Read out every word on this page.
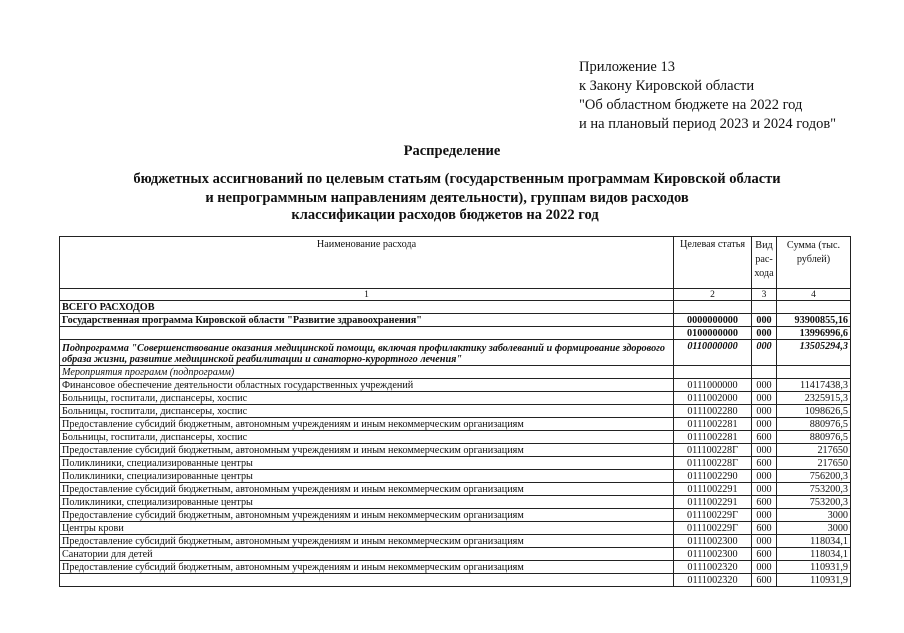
Приложение 13
к Закону Кировской области
"Об областном бюджете на 2022 год
и на плановый период 2023 и 2024 годов"
Распределение
бюджетных ассигнований по целевым статьям (государственным программам Кировской области
и непрограммным направлениям деятельности), группам видов расходов
классификации расходов бюджетов на 2022 год
Наименование расхода	Целевая статья	Вид рас-хода	Сумма (тыс. рублей)
1	2	3	4
ВСЕГО РАСХОДОВ			
Государственная программа Кировской области "Развитие здравоохранения"	0000000000	000	93900855,16
	0100000000	000	13996996,6
Подпрограмма "Совершенствование оказания медицинской помощи, включая профилактику заболеваний и формирование здорового образа жизни, развитие медицинской реабилитации и санаторно-курортного лечения"	0110000000	000	13505294,3
Мероприятия программ (подпрограмм)			
Финансовое обеспечение деятельности областных государственных учреждений	0111000000	000	11417438,3
Больницы, госпитали, диспансеры, хоспис	0111002000	000	2325915,3
Больницы, госпитали, диспансеры, хоспис	0111002280	000	1098626,5
Предоставление субсидий бюджетным, автономным учреждениям и иным некоммерческим организациям	0111002281	000	880976,5
Больницы, госпитали, диспансеры, хоспис	0111002281	600	880976,5
Предоставление субсидий бюджетным, автономным учреждениям и иным некоммерческим организациям	011100228Г	000	217650
Поликлиники, специализированные центры	011100228Г	600	217650
Поликлиники, специализированные центры	0111002290	000	756200,3
Предоставление субсидий бюджетным, автономным учреждениям и иным некоммерческим организациям	0111002291	000	753200,3
Поликлиники, специализированные центры	0111002291	600	753200,3
Предоставление субсидий бюджетным, автономным учреждениям и иным некоммерческим организациям	011100229Г	000	3000
Центры крови	011100229Г	600	3000
Предоставление субсидий бюджетным, автономным учреждениям и иным некоммерческим организациям	0111002300	000	118034,1
Санатории для детей	0111002300	600	118034,1
Предоставление субсидий бюджетным, автономным учреждениям и иным некоммерческим организациям	0111002320	000	110931,9
	0111002320	600	110931,9
